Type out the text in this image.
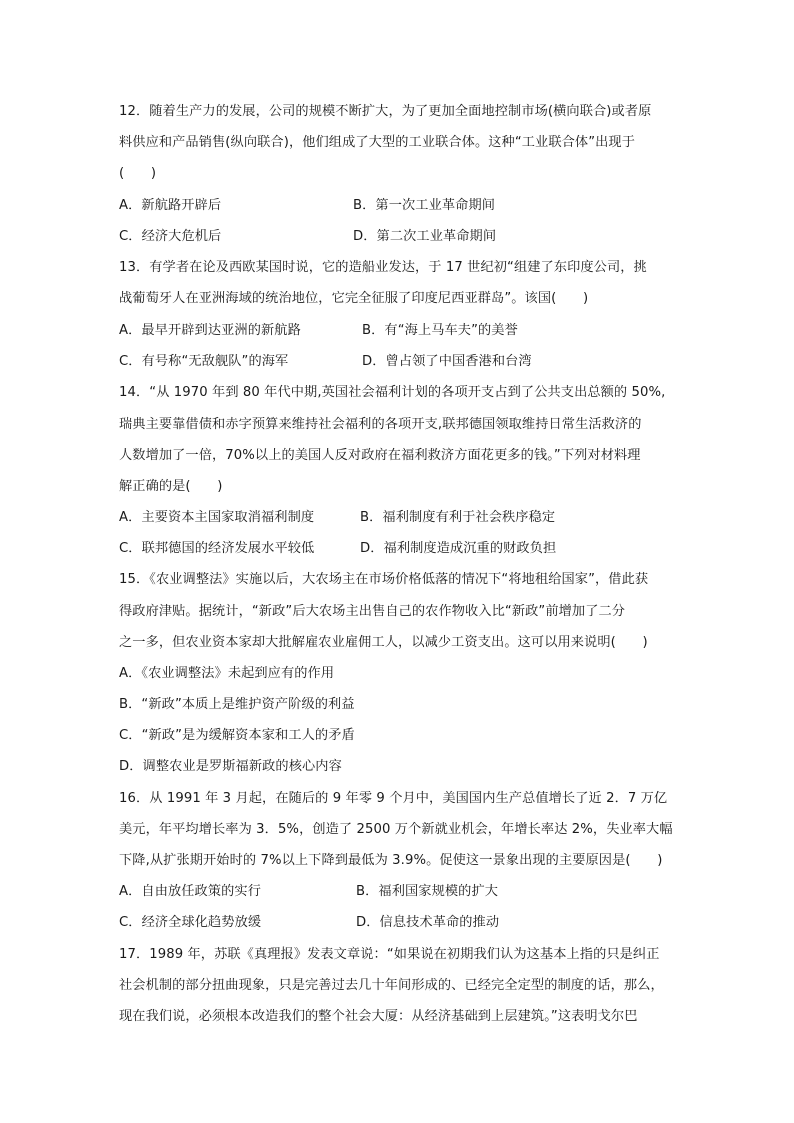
12．随着生产力的发展，公司的规模不断扩大，为了更加全面地控制市场(横向联合)或者原
料供应和产品销售(纵向联合)，他们组成了大型的工业联合体。这种“工业联合体”出现于
(　　)
A．新航路开辟后	B．第一次工业革命期间
C．经济大危机后	D．第二次工业革命期间
13．有学者在论及西欧某国时说，它的造船业发达，于 17 世纪初“组建了东印度公司，挑
战葡萄牙人在亚洲海域的统治地位，它完全征服了印度尼西亚群岛”。该国(　　)
A．最早开辟到达亚洲的新航路	B．有“海上马车夫”的美誉
C．有号称“无敌舰队”的海军	D．曾占领了中国香港和台湾
14．“从 1970 年到 80 年代中期,英国社会福利计划的各项开支占到了公共支出总额的 50%,
瑞典主要靠借债和赤字预算来维持社会福利的各项开支,联邦德国领取维持日常生活救济的
人数增加了一倍，70%以上的美国人反对政府在福利救济方面花更多的钱。”下列对材料理
解正确的是(　　)
A．主要资本主国家取消福利制度	B．福利制度有利于社会秩序稳定
C．联邦德国的经济发展水平较低	D．福利制度造成沉重的财政负担
15．《农业调整法》实施以后，大农场主在市场价格低落的情况下“将地租给国家”，借此获
得政府津贴。据统计，“新政”后大农场主出售自己的农作物收入比“新政”前增加了二分
之一多，但农业资本家却大批解雇农业雇佣工人，以减少工资支出。这可以用来说明(　　)
A．《农业调整法》未起到应有的作用
B．“新政”本质上是维护资产阶级的利益
C．“新政”是为缓解资本家和工人的矛盾
D．调整农业是罗斯福新政的核心内容
16．从 1991 年 3 月起，在随后的 9 年零 9 个月中，美国国内生产总值增长了近 2．7 万亿
美元，年平均增长率为 3．5%，创造了 2500 万个新就业机会，年增长率达 2%，失业率大幅
下降,从扩张期开始时的 7%以上下降到最低为 3.9%。促使这一景象出现的主要原因是(　　)
A．自由放任政策的实行	B．福利国家规模的扩大
C．经济全球化趋势放缓	D．信息技术革命的推动
17．1989 年，苏联《真理报》发表文章说：“如果说在初期我们认为这基本上指的只是纠正
社会机制的部分扭曲现象，只是完善过去几十年间形成的、已经完全定型的制度的话，那么，
现在我们说，必须根本改造我们的整个社会大厦：从经济基础到上层建筑。”这表明戈尔巴
